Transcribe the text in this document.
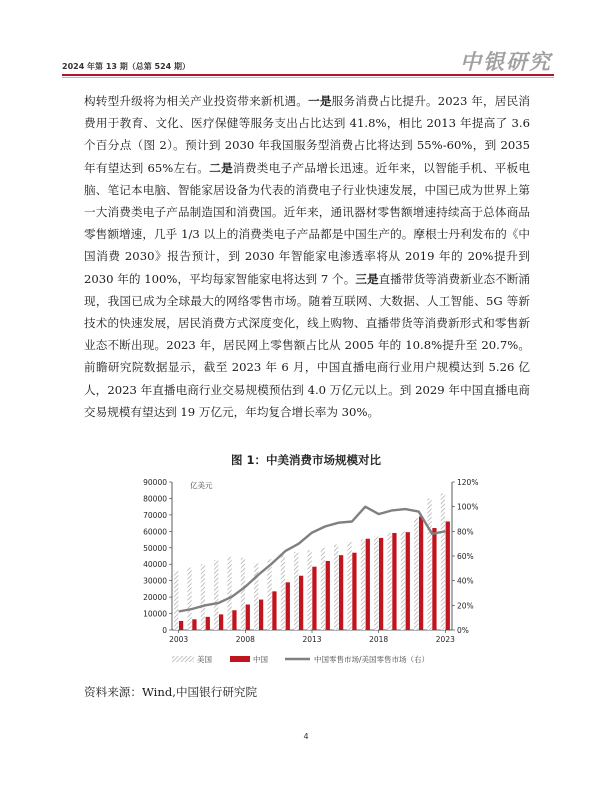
2024 年第 13 期（总第 524 期）	中银研究
构转型升级将为相关产业投资带来新机遇。一是服务消费占比提升。2023 年，居民消费用于教育、文化、医疗保健等服务支出占比达到 41.8%，相比 2013 年提高了 3.6 个百分点（图 2）。预计到 2030 年我国服务型消费占比将达到 55%-60%，到 2035 年有望达到 65%左右。二是消费类电子产品增长迅速。近年来，以智能手机、平板电脑、笔记本电脑、智能家居设备为代表的消费电子行业快速发展，中国已成为世界上第一大消费类电子产品制造国和消费国。近年来，通讯器材零售额增速持续高于总体商品零售额增速，几乎 1/3 以上的消费类电子产品都是中国生产的。摩根士丹利发布的《中国消费 2030》报告预计，到 2030 年智能家电渗透率将从 2019 年的 20%提升到 2030 年的 100%，平均每家智能家电将达到 7 个。三是直播带货等消费新业态不断涌现，我国已成为全球最大的网络零售市场。随着互联网、大数据、人工智能、5G 等新技术的快速发展，居民消费方式深度变化，线上购物、直播带货等消费新形式和零售新业态不断出现。2023 年，居民网上零售额占比从 2005 年的 10.8%提升至 20.7%。前瞻研究院数据显示，截至 2023 年 6 月，中国直播电商行业用户规模达到 5.26 亿人，2023 年直播电商行业交易规模预估到 4.0 万亿元以上。到 2029 年中国直播电商交易规模有望达到 19 万亿元，年均复合增长率为 30%。
图 1：中美消费市场规模对比
0
10000
20000
30000
40000
50000
60000
70000
80000
90000
0%
20%
40%
60%
80%
100%
120%
亿美元
2003	2008	2013	2018	2023
美国	中国	中国零售市场/美国零售市场（右）
资料来源：Wind,中国银行研究院
4
